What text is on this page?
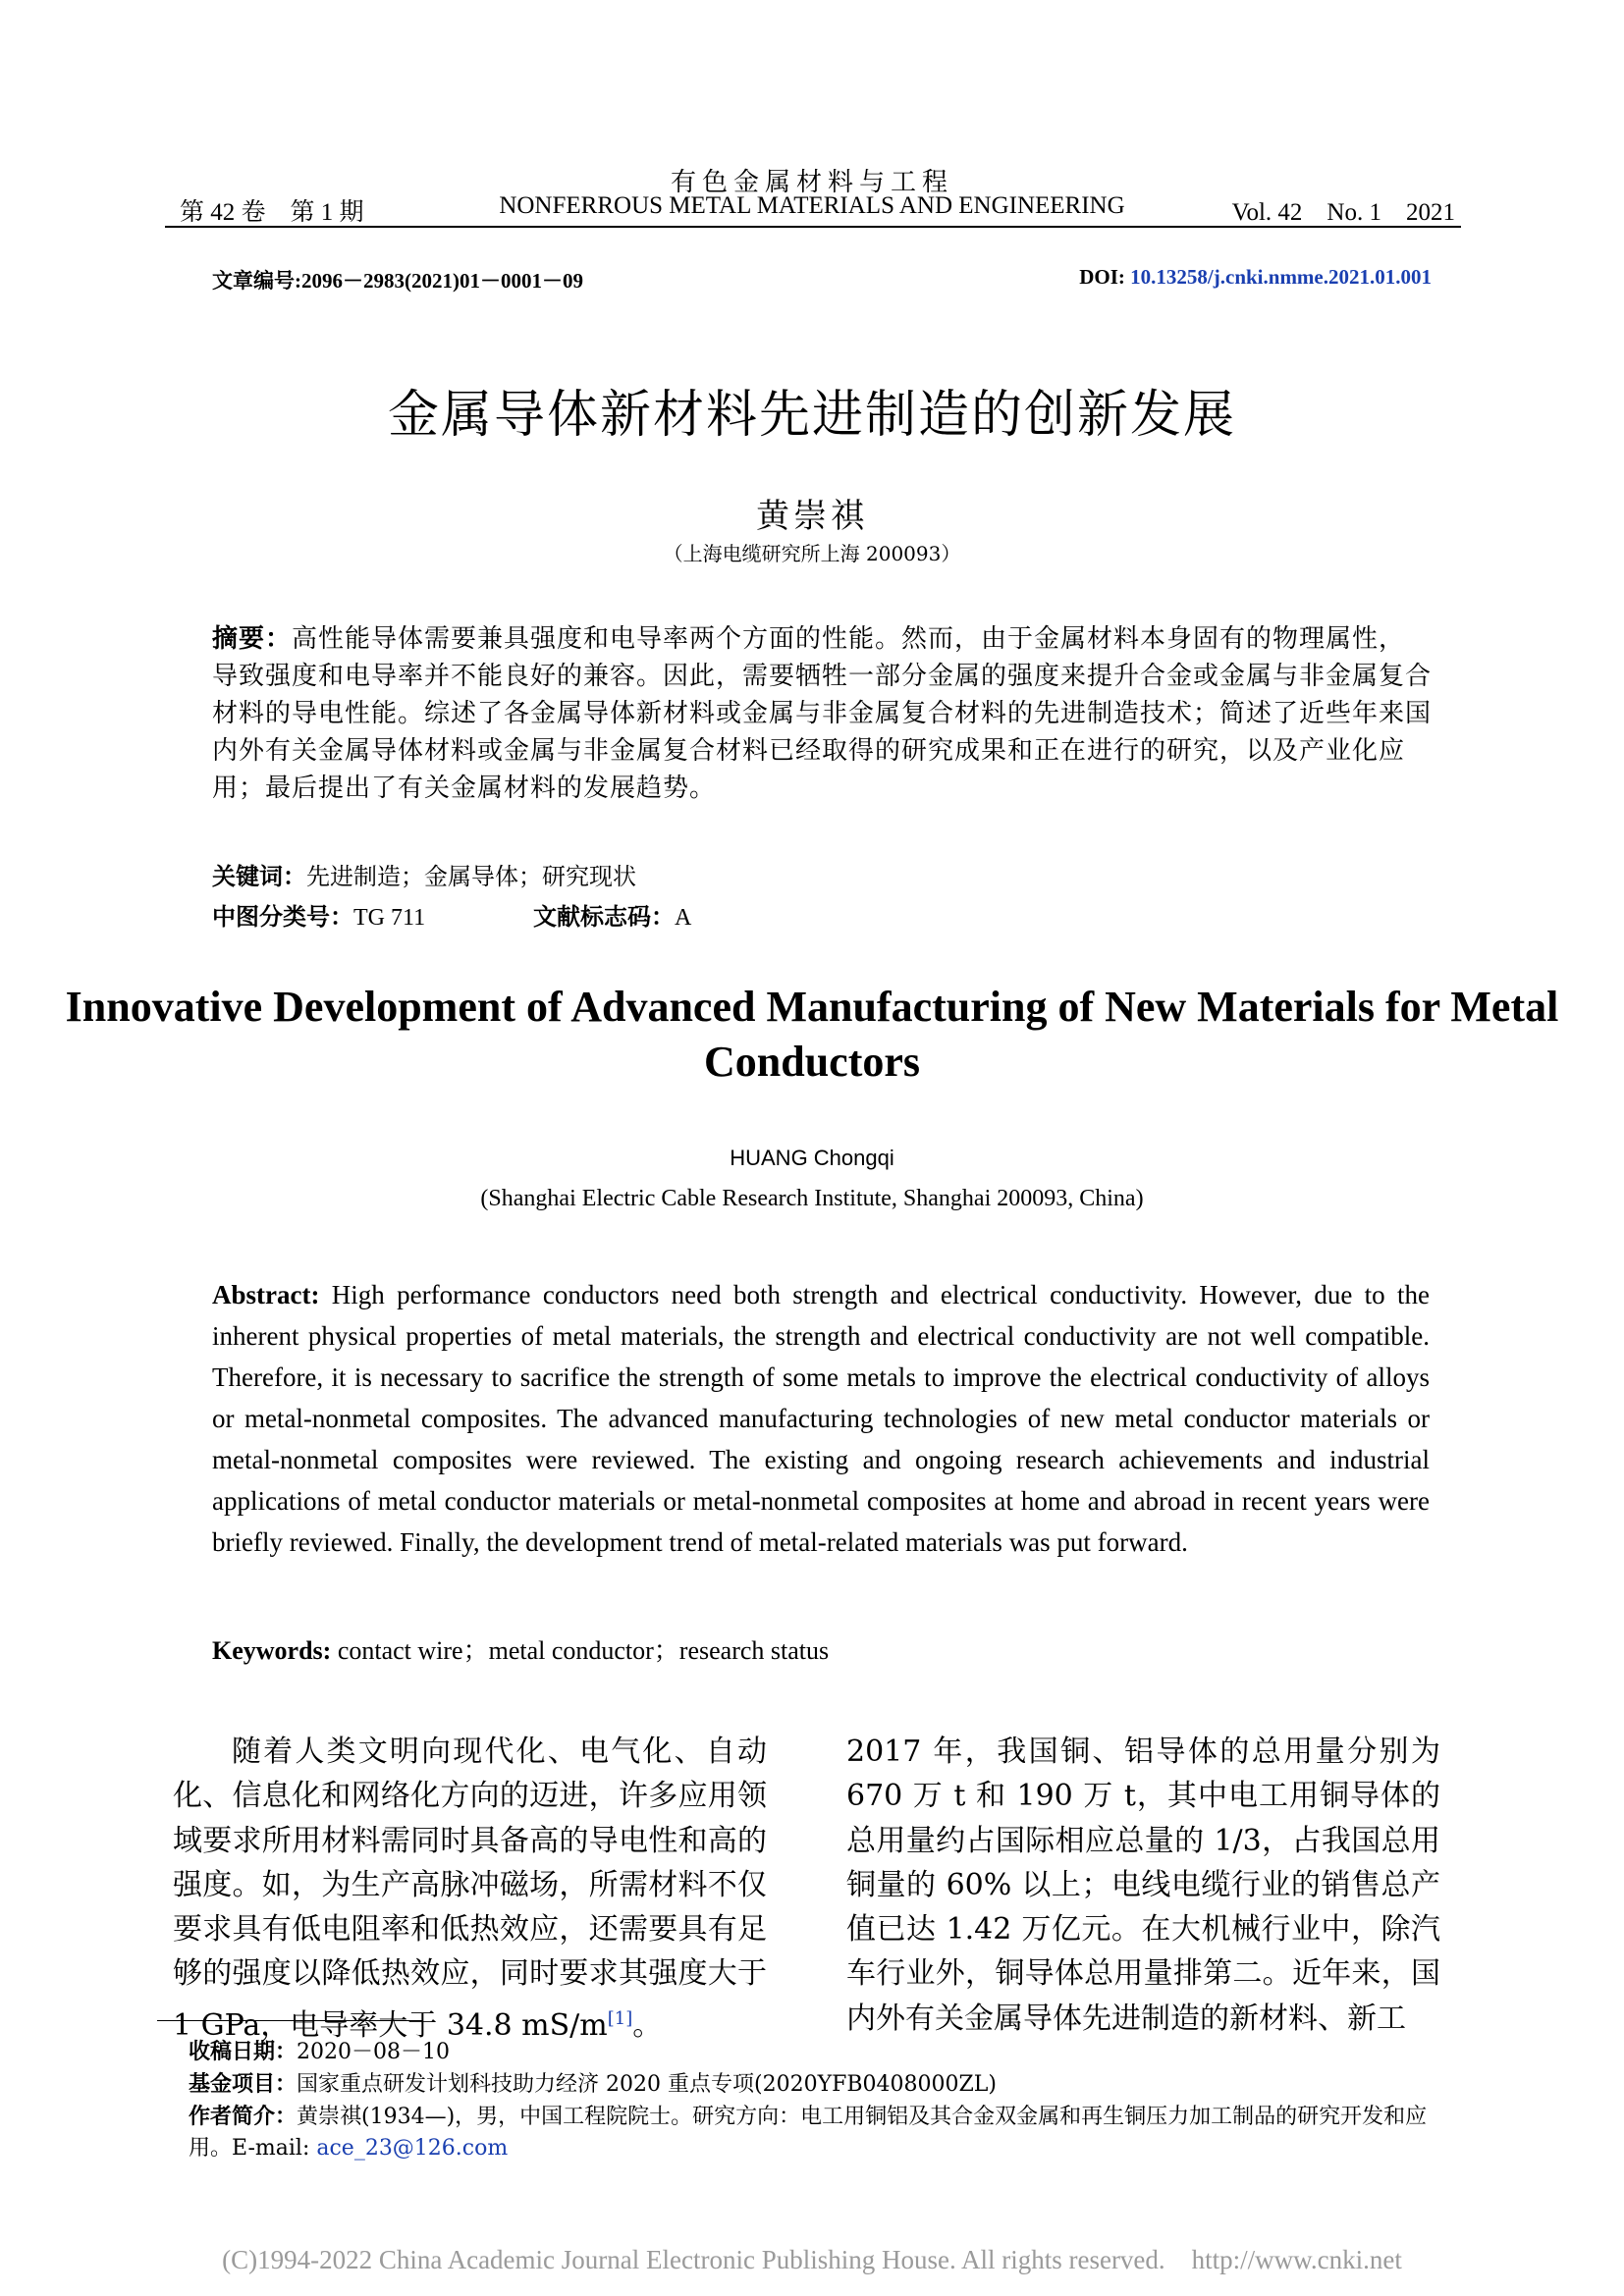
有色金属材料与工程
第 42 卷　第 1 期	NONFERROUS METAL MATERIALS AND ENGINEERING	Vol. 42　No. 1　2021
文章编号:2096－2983(2021)01－0001－09	DOI: 10.13258/j.cnki.nmme.2021.01.001
金属导体新材料先进制造的创新发展
黄崇祺
（上海电缆研究所上海 200093）
摘要：高性能导体需要兼具强度和电导率两个方面的性能。然而，由于金属材料本身固有的物理属性，导致强度和电导率并不能良好的兼容。因此，需要牺牲一部分金属的强度来提升合金或金属与非金属复合材料的导电性能。综述了各金属导体新材料或金属与非金属复合材料的先进制造技术；简述了近些年来国内外有关金属导体材料或金属与非金属复合材料已经取得的研究成果和正在进行的研究，以及产业化应用；最后提出了有关金属材料的发展趋势。
关键词：先进制造；金属导体；研究现状
中图分类号：TG 711	文献标志码：A
Innovative Development of Advanced Manufacturing of New Materials for Metal Conductors
HUANG Chongqi
(Shanghai Electric Cable Research Institute, Shanghai 200093, China)
Abstract: High performance conductors need both strength and electrical conductivity. However, due to the inherent physical properties of metal materials, the strength and electrical conductivity are not well compatible. Therefore, it is necessary to sacrifice the strength of some metals to improve the electrical conductivity of alloys or metal-nonmetal composites. The advanced manufacturing technologies of new metal conductor materials or metal-nonmetal composites were reviewed. The existing and ongoing research achievements and industrial applications of metal conductor materials or metal-nonmetal composites at home and abroad in recent years were briefly reviewed. Finally, the development trend of metal-related materials was put forward.
Keywords: contact wire；metal conductor；research status
随着人类文明向现代化、电气化、自动化、信息化和网络化方向的迈进，许多应用领域要求所用材料需同时具备高的导电性和高的强度。如，为生产高脉冲磁场，所需材料不仅要求具有低电阻率和低热效应，还需要具有足够的强度以降低热效应，同时要求其强度大于 1 GPa，电导率大于 34.8 mS/m[1]。
2017 年，我国铜、铝导体的总用量分别为 670 万 t 和 190 万 t，其中电工用铜导体的总用量约占国际相应总量的 1/3，占我国总用铜量的 60% 以上；电线电缆行业的销售总产值已达 1.42 万亿元。在大机械行业中，除汽车行业外，铜导体总用量排第二。近年来，国内外有关金属导体先进制造的新材料、新工
收稿日期：2020－08－10
基金项目：国家重点研发计划科技助力经济 2020 重点专项(2020YFB0408000ZL)
作者简介：黄崇祺(1934—)，男，中国工程院院士。研究方向：电工用铜铝及其合金双金属和再生铜压力加工制品的研究开发和应用。E-mail: ace_23@126.com
(C)1994-2022 China Academic Journal Electronic Publishing House. All rights reserved.　http://www.cnki.net
